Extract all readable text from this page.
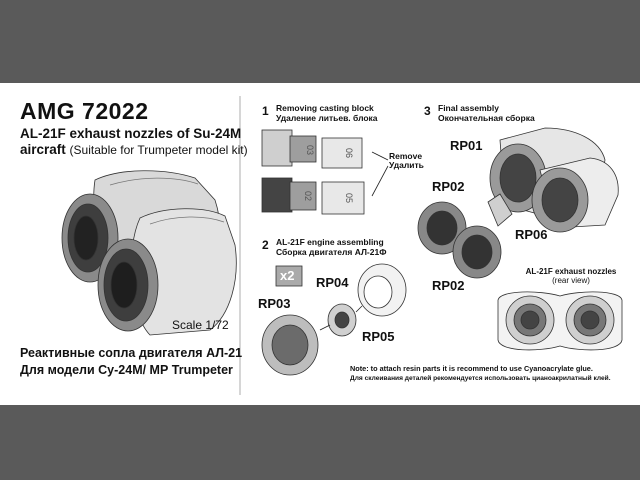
03	06
02	05
AMG 72022
AL-21F exhaust nozzles of Su-24M
aircraft (Suitable for Trumpeter model kit)
Scale 1/72
Реактивные сопла двигателя АЛ-21
Для модели Су-24М/ МР Trumpeter
1 Removing casting block
Удаление литьев. блока
Remove
Удалить
2 AL-21F engine assembling
Сборка двигателя АЛ-21Ф
x2
3 Final assembly
Окончательная сборка
RP01
RP02
RP06
RP02
RP04
RP03
RP05
AL-21F exhaust nozzles
(rear view)
Note: to attach resin parts it is recommend to use Cyanoacrylate glue.
Для склеивания деталей рекомендуется использовать цианоакрилатный клей.
